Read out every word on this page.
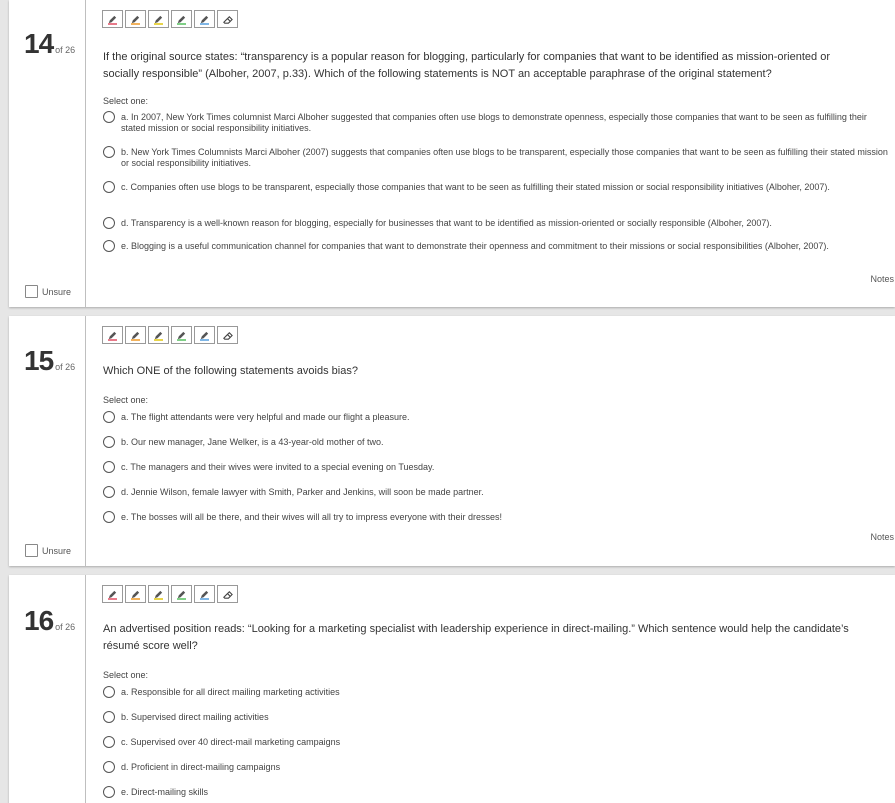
14 of 26
Unsure
If the original source states: “transparency is a popular reason for blogging, particularly for companies that want to be identified as mission-oriented or socially responsible” (Alboher, 2007, p.33). Which of the following statements is NOT an acceptable paraphrase of the original statement?
Select one:
a. In 2007, New York Times columnist Marci Alboher suggested that companies often use blogs to demonstrate openness, especially those companies that want to be seen as fulfilling their stated mission or social responsibility initiatives.
b. New York Times Columnists Marci Alboher (2007) suggests that companies often use blogs to be transparent, especially those companies that want to be seen as fulfilling their stated mission or social responsibility initiatives.
c. Companies often use blogs to be transparent, especially those companies that want to be seen as fulfilling their stated mission or social responsibility initiatives (Alboher, 2007).
d. Transparency is a well-known reason for blogging, especially for businesses that want to be identified as mission-oriented or socially responsible (Alboher, 2007).
e. Blogging is a useful communication channel for companies that want to demonstrate their openness and commitment to their missions or social responsibilities (Alboher, 2007).
Notes
15 of 26
Unsure
Which ONE of the following statements avoids bias?
Select one:
a. The flight attendants were very helpful and made our flight a pleasure.
b. Our new manager, Jane Welker, is a 43-year-old mother of two.
c. The managers and their wives were invited to a special evening on Tuesday.
d. Jennie Wilson, female lawyer with Smith, Parker and Jenkins, will soon be made partner.
e. The bosses will all be there, and their wives will all try to impress everyone with their dresses!
Notes
16 of 26	An advertised position reads: “Looking for a marketing specialist with leadership experience in direct-mailing.” Which sentence would help the candidate’s résumé score well?
Select one:
a. Responsible for all direct mailing marketing activities
b. Supervised direct mailing activities
c. Supervised over 40 direct-mail marketing campaigns
d. Proficient in direct-mailing campaigns
e. Direct-mailing skills
